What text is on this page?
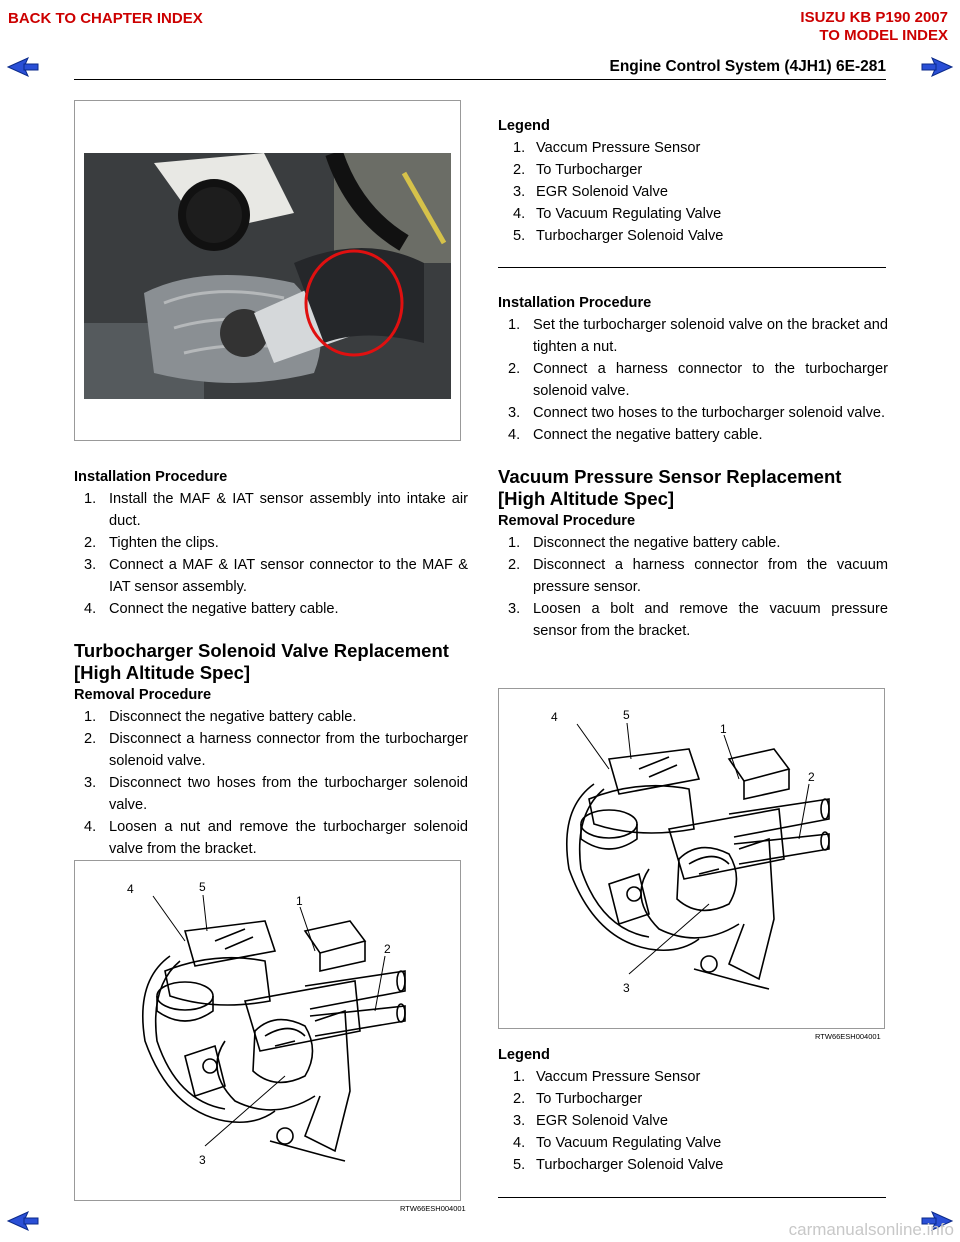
BACK TO CHAPTER INDEX	ISUZU KB P190 2007
TO MODEL INDEX
Engine Control System (4JH1) 6E-281
Installation Procedure
1. Install the MAF & IAT sensor assembly into intake air duct.
2. Tighten the clips.
3. Connect a MAF & IAT sensor connector to the MAF & IAT sensor assembly.
4. Connect the negative battery cable.
Turbocharger Solenoid Valve Replacement
[High Altitude Spec]
Removal Procedure
1. Disconnect the negative battery cable.
2. Disconnect a harness connector from the turbocharger solenoid valve.
3. Disconnect two hoses from the turbocharger solenoid valve.
4. Loosen a nut and remove the turbocharger solenoid valve from the bracket.
4	5
1
2
3
RTW66ESH004001
Legend
1. Vaccum Pressure Sensor
2. To Turbocharger
3. EGR Solenoid Valve
4. To Vacuum Regulating Valve
5. Turbocharger Solenoid Valve
Installation Procedure
1. Set the turbocharger solenoid valve on the bracket and tighten a nut.
2. Connect a harness connector to the turbocharger solenoid valve.
3. Connect two hoses to the turbocharger solenoid valve.
4. Connect the negative battery cable.
Vacuum Pressure Sensor Replacement
[High Altitude Spec]
Removal Procedure
1. Disconnect the negative battery cable.
2. Disconnect a harness connector from the vacuum pressure sensor.
3. Loosen a bolt and remove the vacuum pressure sensor from the bracket.
4	5
1
2
3
RTW66ESH004001
Legend
1. Vaccum Pressure Sensor
2. To Turbocharger
3. EGR Solenoid Valve
4. To Vacuum Regulating Valve
5. Turbocharger Solenoid Valve
carmanualsonline.info
